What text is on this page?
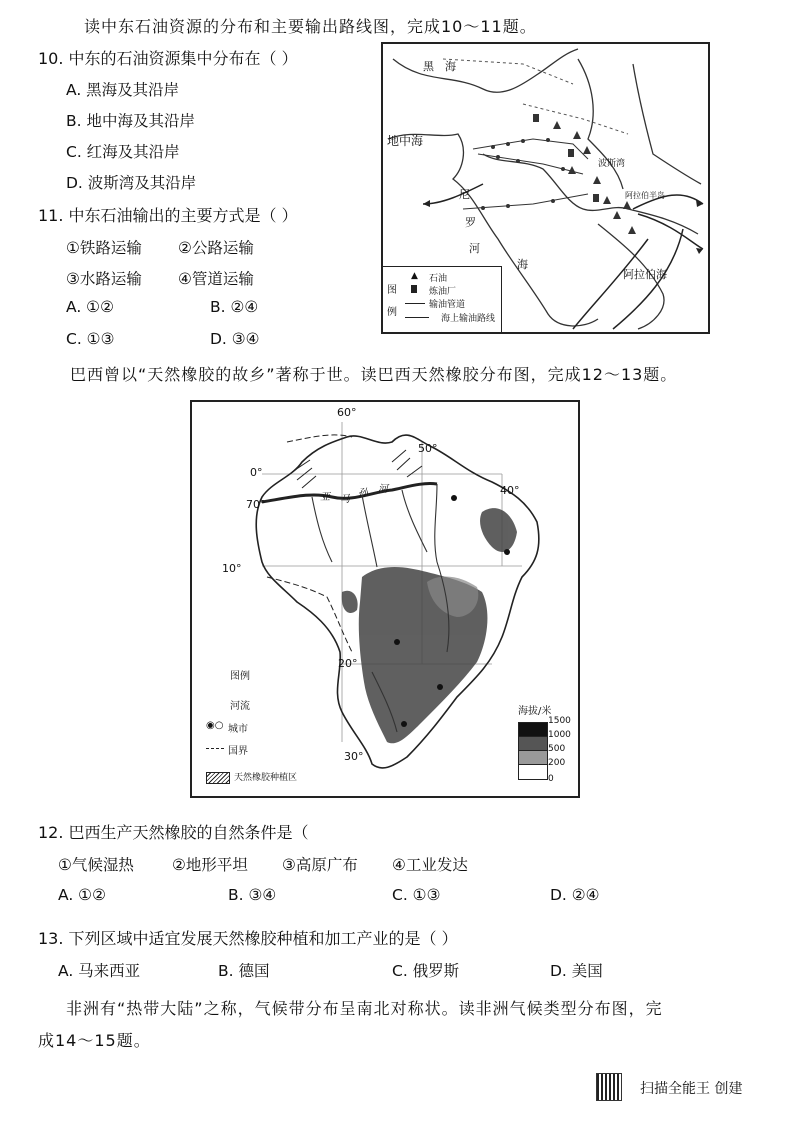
读中东石油资源的分布和主要输出路线图，完成10～11题。
10. 中东的石油资源集中分布在（ ）
A. 黑海及其沿岸
B. 地中海及其沿岸
C. 红海及其沿岸
D. 波斯湾及其沿岸
11. 中东石油输出的主要方式是（ ）
①铁路运输 ②公路运输
③水路运输 ④管道运输
A. ①②	B. ②④
C. ①③	D. ③④
黑　海
地中海
尼
罗
河
海
波斯湾
阿拉伯海
阿拉伯半岛
图
例
▲ 石油
炼油厂
输油管道
海上输油路线
巴西曾以“天然橡胶的故乡”著称于世。读巴西天然橡胶分布图，完成12～13题。
60°
50°
40°
0°
70°
10°
20°
30°
亚 马
孙 河
图例
河流
◉○ 城市
国界
天然橡胶种植区
海拔/米
1500
1000
500
200
0
12. 巴西生产天然橡胶的自然条件是（
①气候湿热 ②地形平坦 ③高原广布 ④工业发达
A. ①②	B. ③④	C. ①③	D. ②④
13. 下列区域中适宜发展天然橡胶种植和加工产业的是（ ）
A. 马来西亚	B. 德国	C. 俄罗斯	D. 美国
非洲有“热带大陆”之称，气候带分布呈南北对称状。读非洲气候类型分布图，完
成14～15题。
扫描全能王 创建
